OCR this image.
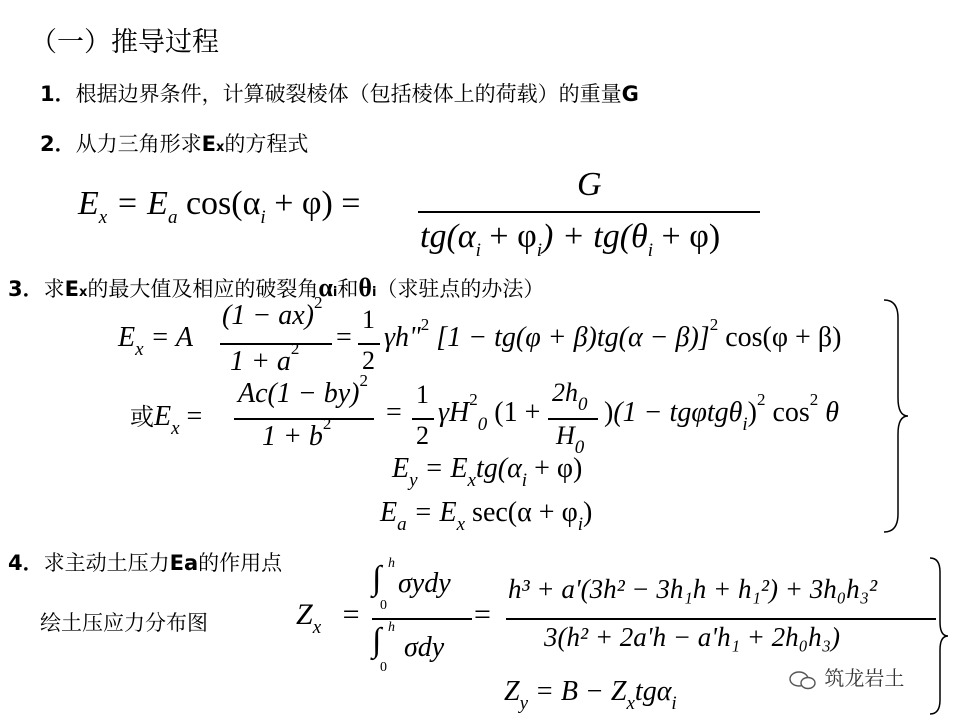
（一）推导过程
1．根据边界条件，计算破裂棱体（包括棱体上的荷载）的重量G
2．从力三角形求Ex的方程式
$E_x = E_a$ $\cos(\alpha_i + \varphi)$ =
G
$tg(\alpha_i + \varphi_i) + tg(\theta_i + \varphi)$
3．求Ex的最大值及相应的破裂角αi和θi（求驻点的办法）
$E_x = A$
(1 − ax)$^2$
$1 + a^2$ =
1
2
γh"$^2$ $[1 - tg(\varphi + \beta)tg(\alpha - \beta)]^2$ cos(φ + β)
或$E_x$ =
Ac(1 − by)$^2$
$1 + b^2$ =
1
2
$\gamma H^2_0$ (1 +
$2h_0$
$H_0$
)$(1 - tg\varphi tg\theta_i)^2$ $\cos^2 \theta$
$E_y = E_xtg(\alpha_i + \varphi)$
$E_a = E_x$ $\sec(\alpha + \varphi_i)$
4．求主动土压力Ea的作用点
绘土压应力分布图	$Z_x$ =
∫ h
0
σydy
∫ h
0
σdy
=
h³ + a'(3h² − 3h₁h + h₁²) + 3h₀h₃²
3(h² + 2a'h − a'h₁ + 2h₀h₃)
$Z_y = B - Z_xtg\alpha_i$
筑龙岩土
